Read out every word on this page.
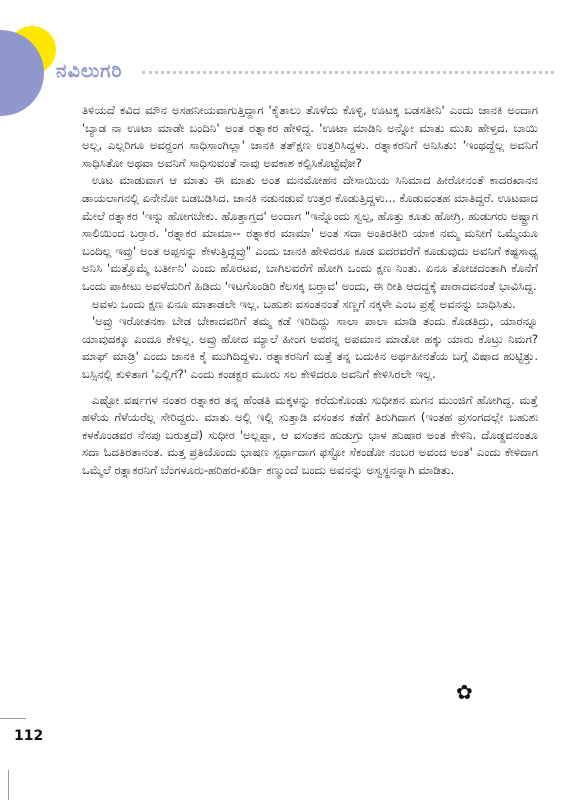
ನವಿಲುಗರಿ

ತಿಳಿಯದೆ ಕವಿದ ಮೌನ ಅಸಹನೀಯವಾಗುತ್ತಿದ್ದಾಗ 'ಕೈತಾಲು ತೊಳೆದು ಕೊಳ್ಳಿ, ಊಟಕ್ಕ ಬಡಸತೀನಿ' ಎಂದು ಜಾನಕಿ ಅಂದಾಗ 'ಬ್ಯಾಡ ನಾ ಊಟಾ ಮಾಡೇ ಬಂದಿನಿ' ಅಂತ ರತ್ನಾಕರ ಹೇಳಿದ್ದ. 'ಊಟಾ ಮಾಡಿನಿ ಅನ್ನೋ ಮಾತು ಮುಖ ಹೇಳ್ತದ. ಬಾಯಿ ಅಲ್ಲ, ಎಲ್ಲರಿಗೂ ಅವರ್‍ದಂಗ ಸಾಧಿಸಾಂಗಿಲ್ಲಾ' ಜಾನಕಿ ತತ್‍ಕ್ಷಣ ಉತ್ತರಿಸಿದ್ದಳು. ರತ್ನಾಕರನಿಗೆ ಅನಿಸಿತು: 'ಇಂಥದ್ದೆಲ್ಲ ಅವನಿಗೆ ಸಾಧಿಸಿತೋ ಅಥವಾ ಅವನಿಗೆ ಸಾಧಿಸುವಂತೆ ನಾವು ಅವಕಾಶ ಕಲ್ಪಿಸಿಕೊಟ್ಟೆವೋ?

ಊಟ ಮಾಡುವಾಗ ಆ ಮಾತು ಈ ಮಾತು ಅಂತ ಮನಮೋಹನ ದೇಸಾಯಿಯ ಸಿನಿಮಾದ ಹೀರೋನಂತೆ ಕಾದರಖಾನನ ಡಾಯಲಾಗನಲ್ಲಿ ಏನೇನೋ ಬಡಬಡಿಸಿದ. ಜಾನಕಿ ನಡುನಡುವೆ ಉತ್ತರ ಕೊಡುತ್ತಿದ್ದಳು... ಕೊಡುವಂತಹ ಮಾತಿದ್ದರೆ. ಊಟವಾದ ಮೇಲೆ ರತ್ನಾಕರ 'ಇನ್ನು ಹೋಗಬೇಕು. ಹೊತ್ತಾಗ್ತದ' ಅಂದಾಗ "ಇನ್ನೊಂದು ಸ್ವಲ್ಪ, ಹೊತ್ತು ಕೂತು ಹೋಗ್ರಿ. ಹುಡುಗರು ಅಷ್ಟ್ರಾಗ ಸಾಲಿಯಿಂದ ಬರ್‍ತಾರ. 'ರತ್ನಾಕರ ಮಾಮಾ-- ರತ್ನಾಕರ ಮಾಮಾ' ಅಂತ ಸದಾ ಅಂತಿರತೀರಿ ಯಾಕ ನಮ್ಮ ಮನೀಗೆ ಒಮ್ಮೆಯೂ ಬಂದಿಲ್ಲ ಇವ್ರು' ಅಂತ ಅಪ್ಪನನ್ನು ಕೇಳುತ್ತಿದ್ದವ್ರು" ಎಂದು ಜಾನಕಿ ಹೇಳಿದರೂ ಕೂಡ ಐದರವರೆಗೆ ಕೂಡುವುದು ಅವನಿಗೆ ಕಷ್ಟಸಾಧ್ಯ ಅನಿಸಿ 'ಮತ್ತೊಮ್ಮೆ ಬರ್ತೀನಿ' ಎಂದು ಹೊರಟವ, ಬಾಗಿಲವರೆಗೆ ಹೋಗಿ ಒಂದು ಕ್ಷಣ ನಿಂತು. ಏನೂ ತೋಚದಂತಾಗಿ ಕೊನೆಗೆ ಒಂದು ಪಾಕೀಟು ಅವಳೆದುರಿಗೆ ಹಿಡಿದು 'ಇಟಗೊಂಡಿರಿ ಕೆಲಸಕ್ಕ ಬರ್‍ತಾವ' ಅಂದು, ಈ ರೀತಿ ಆದದ್ದಕ್ಕೆ ಪಾರಾದವನಂತೆ ಭಾವಿಸಿದ್ದ.

ಅವಳು ಒಂದು ಕ್ಷಣ ಏನೂ ಮಾತಾಡಲೇ ಇಲ್ಲ. ಬಹುಶಃ ವಸಂತನಂತೆ ಸಣ್ಣಗೆ ನಕ್ಕಳೇ ಎಂಬ ಪ್ರಶ್ನೆ ಅವನನ್ನು ಬಾಧಿಸಿತು.

'ಅವ್ರು ಇರೋತನಕಾ ಬೇಡ ಬೇಕಾದವರಿಗೆ ತಮ್ಮ ಕಡೆ ಇರಿದಿದ್ದು ಸಾಲಾ ಪಾಲಾ ಮಾಡಿ ತಂದು ಕೊಡತಿದ್ರು, ಯಾರನ್ನೂ ಯಾವುದಕ್ಕೂ ಎಂದೂ ಕೇಳಿಲ್ಲ. ಅವ್ರು ಹೋದ ಮ್ಯಾಲೆ ಹೀಂಗ ಅವರನ್ನ ಅಪಮಾನ ಮಾಡೋ ಹಕ್ಕು ಯಾರು ಕೊಟ್ರು ನಿಮಗ? ಮಾಫ್ ಮಾಡ್ರಿ' ಎಂದು ಜಾನಕಿ ಕೈ ಮುಗಿದಿದ್ದಳು. ರತ್ನಾಕರನಿಗೆ ಮತ್ತೆ ತನ್ನ ಬದುಕಿನ ಅರ್ಥಹೀನತೆಯ ಬಗ್ಗೆ ವಿಷಾದ ಹುಟ್ಟಿತ್ತು. ಬಸ್ಸಿನಲ್ಲಿ ಕುಳಿತಾಗ 'ಎಲ್ಲಿಗೆ?' ಎಂದು ಕಂಡಕ್ಟರ ಮೂರು ಸಲ ಕೇಳಿದರೂ ಅವನಿಗೆ ಕೇಳಿಸಿರಲೇ ಇಲ್ಲ.

ಎಷ್ಟೋ ವರ್ಷಗಳ ನಂತರ ರತ್ನಾಕರ ತನ್ನ ಹೆಂಡತಿ ಮಕ್ಕಳನ್ನು ಕರೆದುಕೊಂಡು ಸುಧೀಶನ ಮಗನ ಮುಂಜಿಗೆ ಹೋಗಿದ್ದ. ಮತ್ತೆ ಹಳೆಯ ಗೆಳೆಯರೆಲ್ಲ ಸೇರಿದ್ದರು. ಮಾತು ಅಲ್ಲಿ ಇಲ್ಲಿ ಸುತ್ತಾಡಿ ವಸಂತನ ಕಡೆಗೆ ತಿರುಗಿದಾಗ (ಇಂತಹ ಪ್ರಸಂಗದಲ್ಲೇ ಬಹುಶಃ ಕಳಕೊಂಡವರ ನೆನಪು ಬರುತ್ತದೆ) ಸುಧೀರ 'ಅಲ್ಲಪ್ಪಾ, ಆ ವಸಂತನ ಹುಡುಗ್ರು ಭಾಳ ಹುಷಾರ ಅಂತ ಕೇಳಿನಿ. ದೊಡ್ಡವನಂತೂ ಸದಾ ಓದತಿರತಾನಂತ. ಮತ್ತ ಪ್ರತಿಯೊಂದು ಭಾಷಣ ಸ್ಪರ್ಧಾದಾಗ ಫಸ್ಟೋ ಸೆಕಂಡೋ ನಂಬರ ಅವಂದ ಅಂತ' ಎಂದು ಕೇಳಿದಾಗ ಒಮ್ಮೆಲೆ ರತ್ನಾಕರನಿಗೆ ಬೆಂಗಳೂರು-ಹರಿಹರ-ಖಿರ್ಡಿ ಕಣ್ಮುಂದೆ ಬಂದು ಅವನನ್ನು ಅಸ್ವಸ್ಥನನ್ನಾಗಿ ಮಾಡಿತು.

✿
112
